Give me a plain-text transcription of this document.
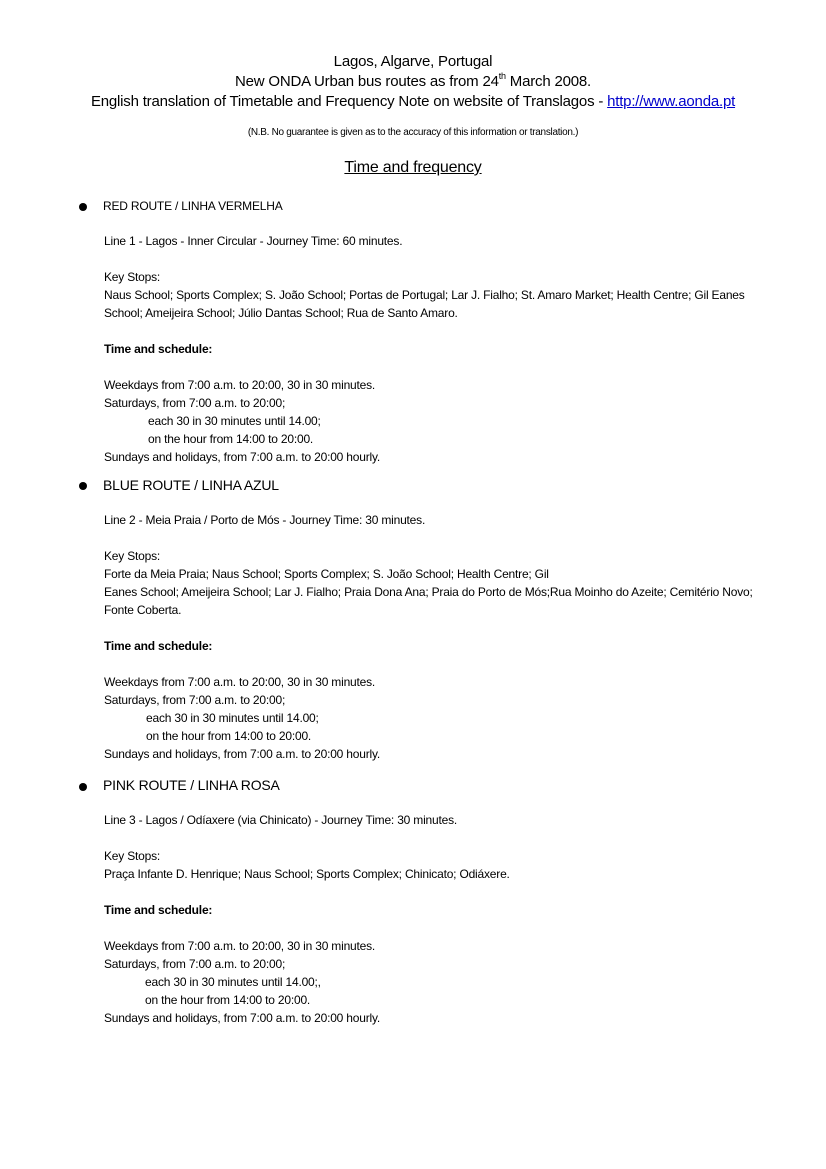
Lagos, Algarve, Portugal
New ONDA Urban bus routes as from 24th March 2008.
English translation of Timetable and Frequency Note on website of Translagos - http://www.aonda.pt
(N.B. No guarantee is given as to the accuracy of this information or translation.)
Time and frequency
RED ROUTE / LINHA VERMELHA
Line 1 - Lagos - Inner Circular - Journey Time: 60 minutes.
Key Stops:
Naus School; Sports Complex; S. João School; Portas de Portugal; Lar J. Fialho; St. Amaro Market; Health Centre; Gil Eanes School; Ameijeira School; Júlio Dantas School; Rua de Santo Amaro.
Time and schedule:
Weekdays from 7:00 a.m. to 20:00, 30 in 30 minutes.
Saturdays, from 7:00 a.m. to 20:00;
each 30 in 30 minutes until 14.00;
on the hour from 14:00 to 20:00.
Sundays and holidays, from 7:00 a.m. to 20:00 hourly.
BLUE ROUTE / LINHA AZUL
Line 2 - Meia Praia / Porto de Mós - Journey Time: 30 minutes.
Key Stops:
Forte da Meia Praia; Naus School; Sports Complex; S. João School; Health Centre; Gil
Eanes School; Ameijeira School; Lar J. Fialho; Praia Dona Ana; Praia do Porto de Mós;Rua Moinho do Azeite; Cemitério Novo; Fonte Coberta.
Time and schedule:
Weekdays from 7:00 a.m. to 20:00, 30 in 30 minutes.
Saturdays, from 7:00 a.m. to 20:00;
each 30 in 30 minutes until 14.00;
on the hour from 14:00 to 20:00.
Sundays and holidays, from 7:00 a.m. to 20:00 hourly.
PINK ROUTE / LINHA ROSA
Line 3 - Lagos / Odíaxere (via Chinicato) - Journey Time: 30 minutes.
Key Stops:
Praça Infante D. Henrique; Naus School; Sports Complex; Chinicato; Odiáxere.
Time and schedule:
Weekdays from 7:00 a.m. to 20:00, 30 in 30 minutes.
Saturdays, from 7:00 a.m. to 20:00;
each 30 in 30 minutes until 14.00;,
on the hour from 14:00 to 20:00.
Sundays and holidays, from 7:00 a.m. to 20:00 hourly.
